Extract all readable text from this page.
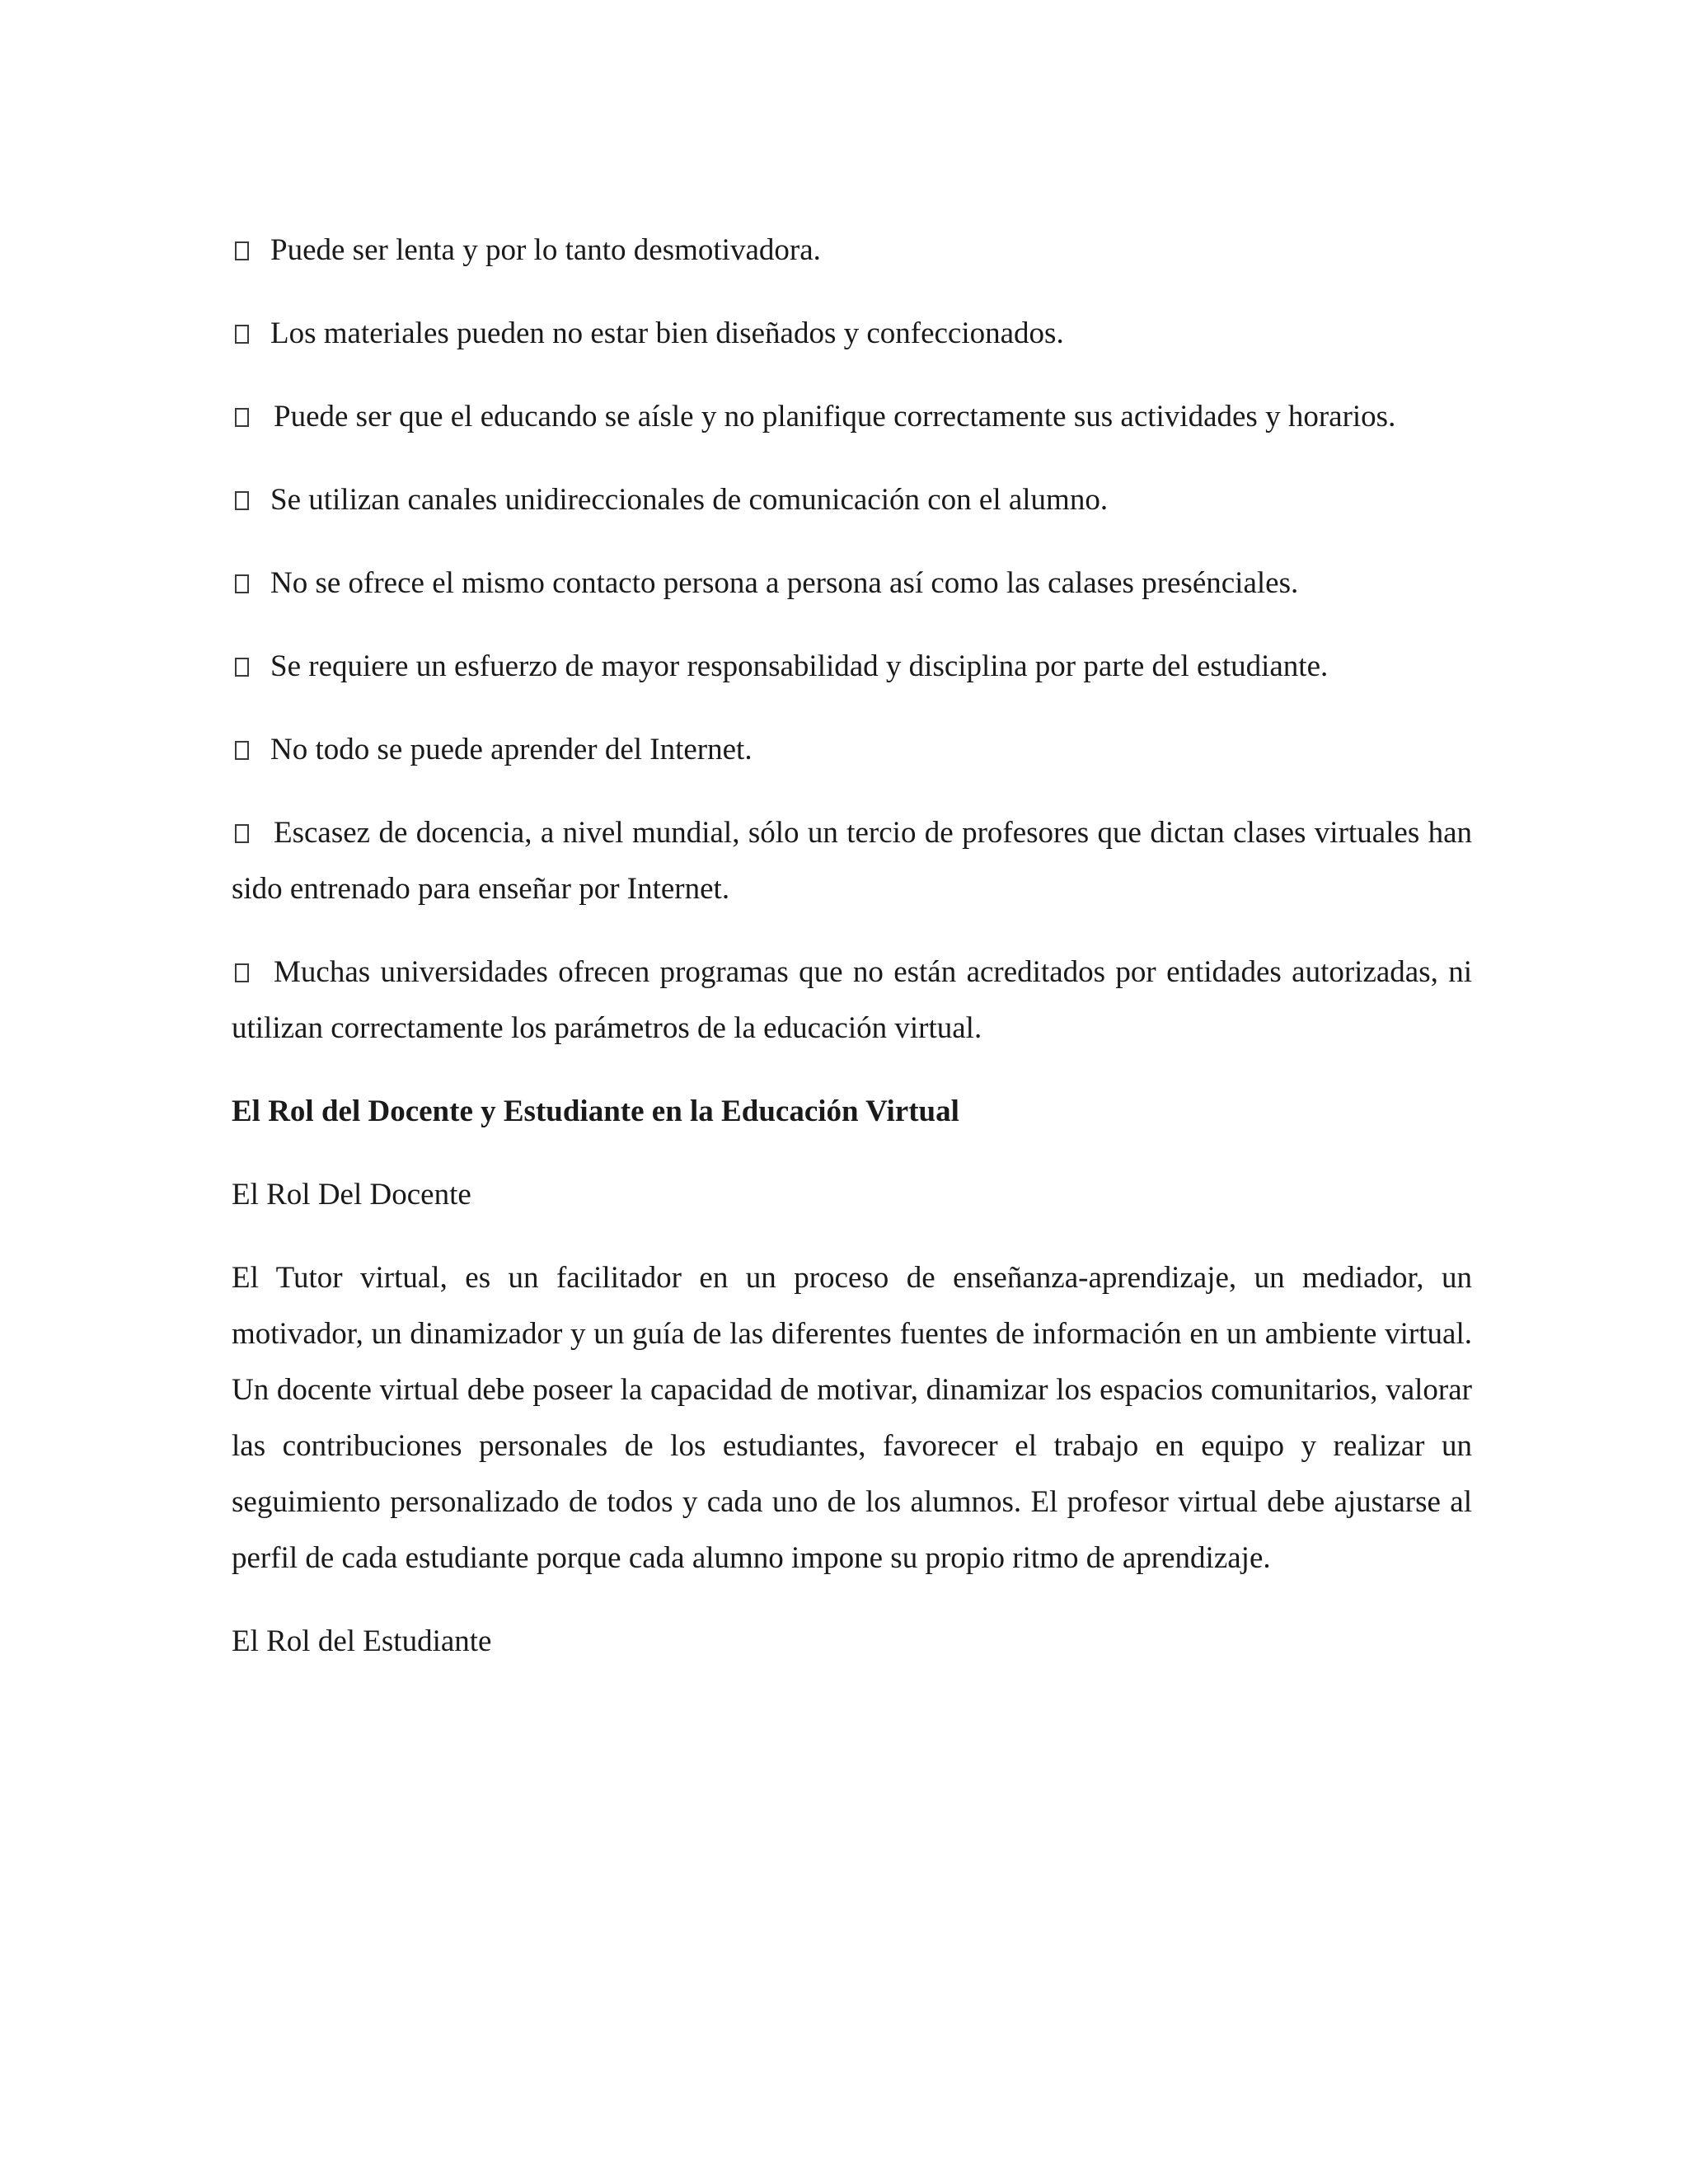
Puede ser lenta y por lo tanto desmotivadora.

Los materiales pueden no estar bien diseñados y confeccionados.

Puede ser que el educando se aísle y no planifique correctamente sus actividades y horarios.

Se utilizan canales unidireccionales de comunicación con el alumno.

No se ofrece el mismo contacto persona a persona así como las calases presénciales.

Se requiere un esfuerzo de mayor responsabilidad y disciplina por parte del estudiante.

No todo se puede aprender del Internet.

Escasez de docencia, a nivel mundial, sólo un tercio de profesores que dictan clases virtuales han sido entrenado para enseñar por Internet.

Muchas universidades ofrecen programas que no están acreditados por entidades autorizadas, ni utilizan correctamente los parámetros de la educación virtual.

El Rol del Docente y Estudiante en la Educación Virtual

El Rol Del Docente

El Tutor virtual, es un facilitador en un proceso de enseñanza-aprendizaje, un mediador, un motivador, un dinamizador y un guía de las diferentes fuentes de información en un ambiente virtual. Un docente virtual debe poseer la capacidad de motivar, dinamizar los espacios comunitarios, valorar las contribuciones personales de los estudiantes, favorecer el trabajo en equipo y realizar un seguimiento personalizado de todos y cada uno de los alumnos. El profesor virtual debe ajustarse al perfil de cada estudiante porque cada alumno impone su propio ritmo de aprendizaje.

El Rol del Estudiante
